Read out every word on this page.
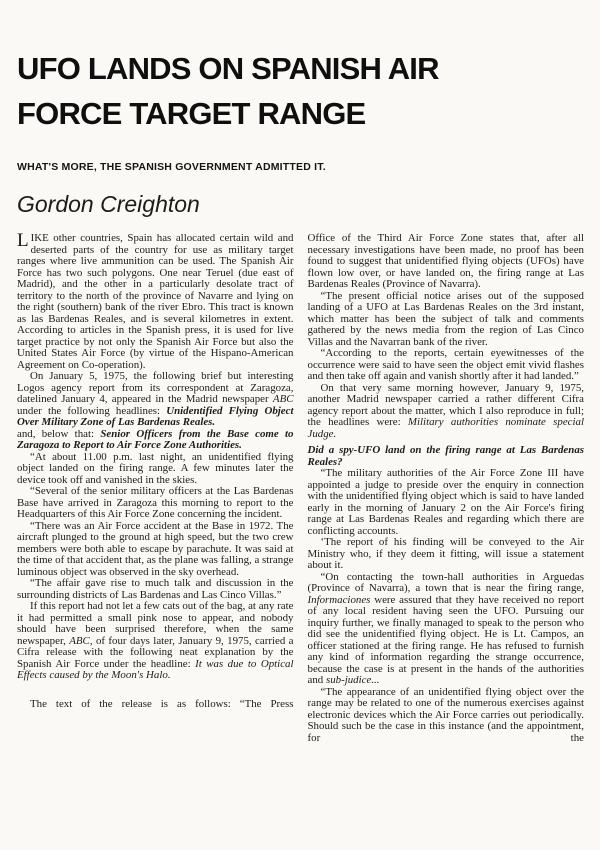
UFO LANDS ON SPANISH AIR FORCE TARGET RANGE
WHAT'S MORE, THE SPANISH GOVERNMENT ADMITTED IT.
Gordon Creighton

LIKE other countries, Spain has allocated certain wild and deserted parts of the country for use as military target ranges where live ammunition can be used. The Spanish Air Force has two such polygons. One near Teruel (due east of Madrid), and the other in a particularly desolate tract of territory to the north of the province of Navarre and lying on the right (southern) bank of the river Ebro. This tract is known as las Bardenas Reales, and is several kilometres in extent. According to articles in the Spanish press, it is used for live target practice by not only the Spanish Air Force but also the United States Air Force (by virtue of the Hispano-American Agreement on Co-operation).

On January 5, 1975, the following brief but interesting Logos agency report from its correspondent at Zaragoza, datelined January 4, appeared in the Madrid newspaper ABC under the following headlines: Unidentified Flying Object Over Military Zone of Las Bardenas Reales.

and, below that: Senior Officers from the Base come to Zaragoza to Report to Air Force Zone Authorities.

“At about 11.00 p.m. last night, an unidentified flying object landed on the firing range. A few minutes later the device took off and vanished in the skies.

“Several of the senior military officers at the Las Bardenas Base have arrived in Zaragoza this morning to report to the Headquarters of this Air Force Zone concerning the incident.

“There was an Air Force accident at the Base in 1972. The aircraft plunged to the ground at high speed, but the two crew members were both able to escape by parachute. It was said at the time of that accident that, as the plane was falling, a strange luminous object was observed in the sky overhead.

“The affair gave rise to much talk and discussion in the surrounding districts of Las Bardenas and Las Cinco Villas.”

If this report had not let a few cats out of the bag, at any rate it had permitted a small pink nose to appear, and nobody should have been surprised therefore, when the same newspaper, ABC, of four days later, January 9, 1975, carried a Cifra release with the following neat explanation by the Spanish Air Force under the headline: It was due to Optical Effects caused by the Moon's Halo.

The text of the release is as follows: “The Press

Office of the Third Air Force Zone states that, after all necessary investigations have been made, no proof has been found to suggest that unidentified flying objects (UFOs) have flown low over, or have landed on, the firing range at Las Bardenas Reales (Province of Navarra).

“The present official notice arises out of the supposed landing of a UFO at Las Bardenas Reales on the 3rd instant, which matter has been the subject of talk and comments gathered by the news media from the region of Las Cinco Villas and the Navarran bank of the river.

“According to the reports, certain eyewitnesses of the occurrence were said to have seen the object emit vivid flashes and then take off again and vanish shortly after it had landed.”

On that very same morning however, January 9, 1975, another Madrid newspaper carried a rather different Cifra agency report about the matter, which I also reproduce in full; the headlines were: Military authorities nominate special Judge.

Did a spy-UFO land on the firing range at Las Bardenas Reales?

“The military authorities of the Air Force Zone III have appointed a judge to preside over the enquiry in connection with the unidentified flying object which is said to have landed early in the morning of January 2 on the Air Force's firing range at Las Bardenas Reales and regarding which there are conflicting accounts.

‘The report of his finding will be conveyed to the Air Ministry who, if they deem it fitting, will issue a statement about it.

“On contacting the town-hall authorities in Arguedas (Province of Navarra), a town that is near the firing range, Informaciones were assured that they have received no report of any local resident having seen the UFO. Pursuing our inquiry further, we finally managed to speak to the person who did see the unidentified flying object. He is Lt. Campos, an officer stationed at the firing range. He has refused to furnish any kind of information regarding the strange occurrence, because the case is at present in the hands of the authorities and sub-judice...

“The appearance of an unidentified flying object over the range may be related to one of the numerous exercises against electronic devices which the Air Force carries out periodically. Should such be the case in this instance (and the appointment, for the
